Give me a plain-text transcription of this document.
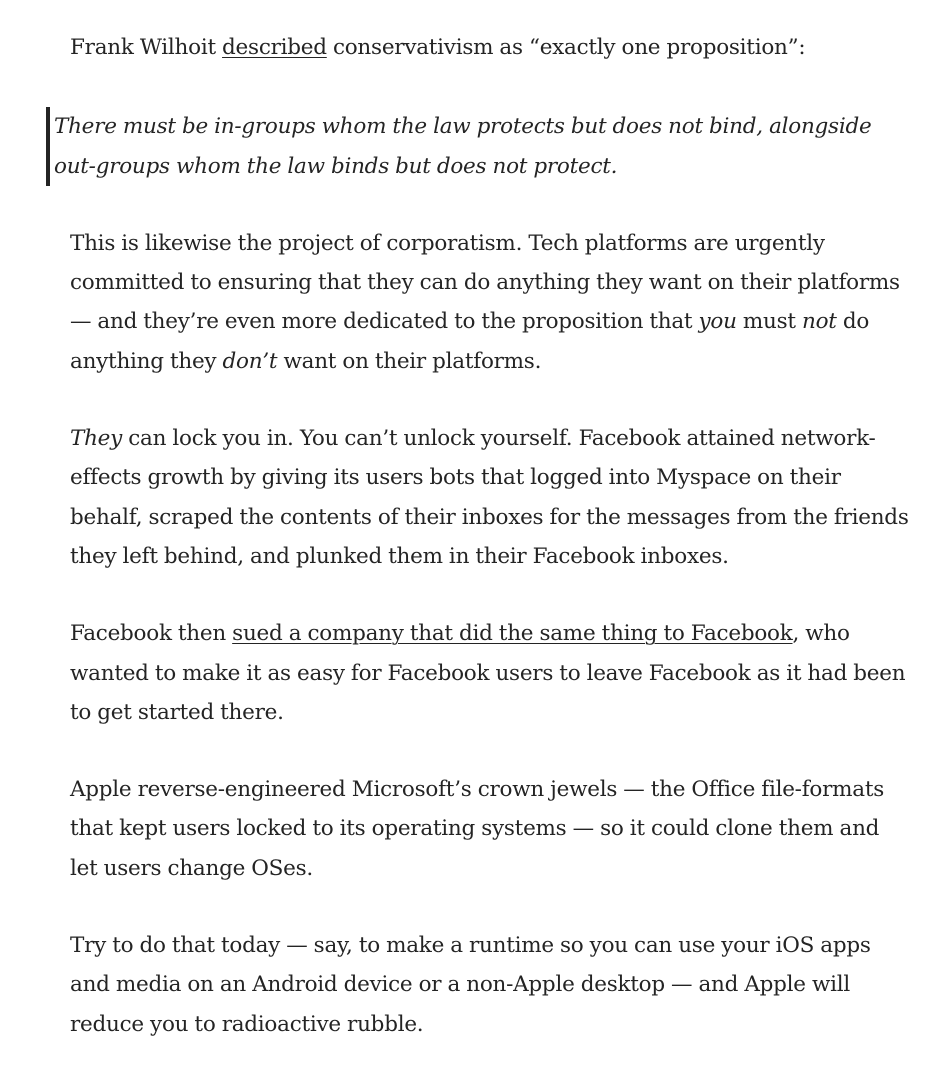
Frank Wilhoit described conservativism as “exactly one proposition”:

There must be in-groups whom the law protects but does not bind, alongside out-groups whom the law binds but does not protect.

This is likewise the project of corporatism. Tech platforms are urgently committed to ensuring that they can do anything they want on their platforms — and they’re even more dedicated to the proposition that you must not do anything they don’t want on their platforms.

They can lock you in. You can’t unlock yourself. Facebook attained network-effects growth by giving its users bots that logged into Myspace on their behalf, scraped the contents of their inboxes for the messages from the friends they left behind, and plunked them in their Facebook inboxes.

Facebook then sued a company that did the same thing to Facebook, who wanted to make it as easy for Facebook users to leave Facebook as it had been to get started there.

Apple reverse-engineered Microsoft’s crown jewels — the Office file-formats that kept users locked to its operating systems — so it could clone them and let users change OSes.

Try to do that today — say, to make a runtime so you can use your iOS apps and media on an Android device or a non-Apple desktop — and Apple will reduce you to radioactive rubble.
